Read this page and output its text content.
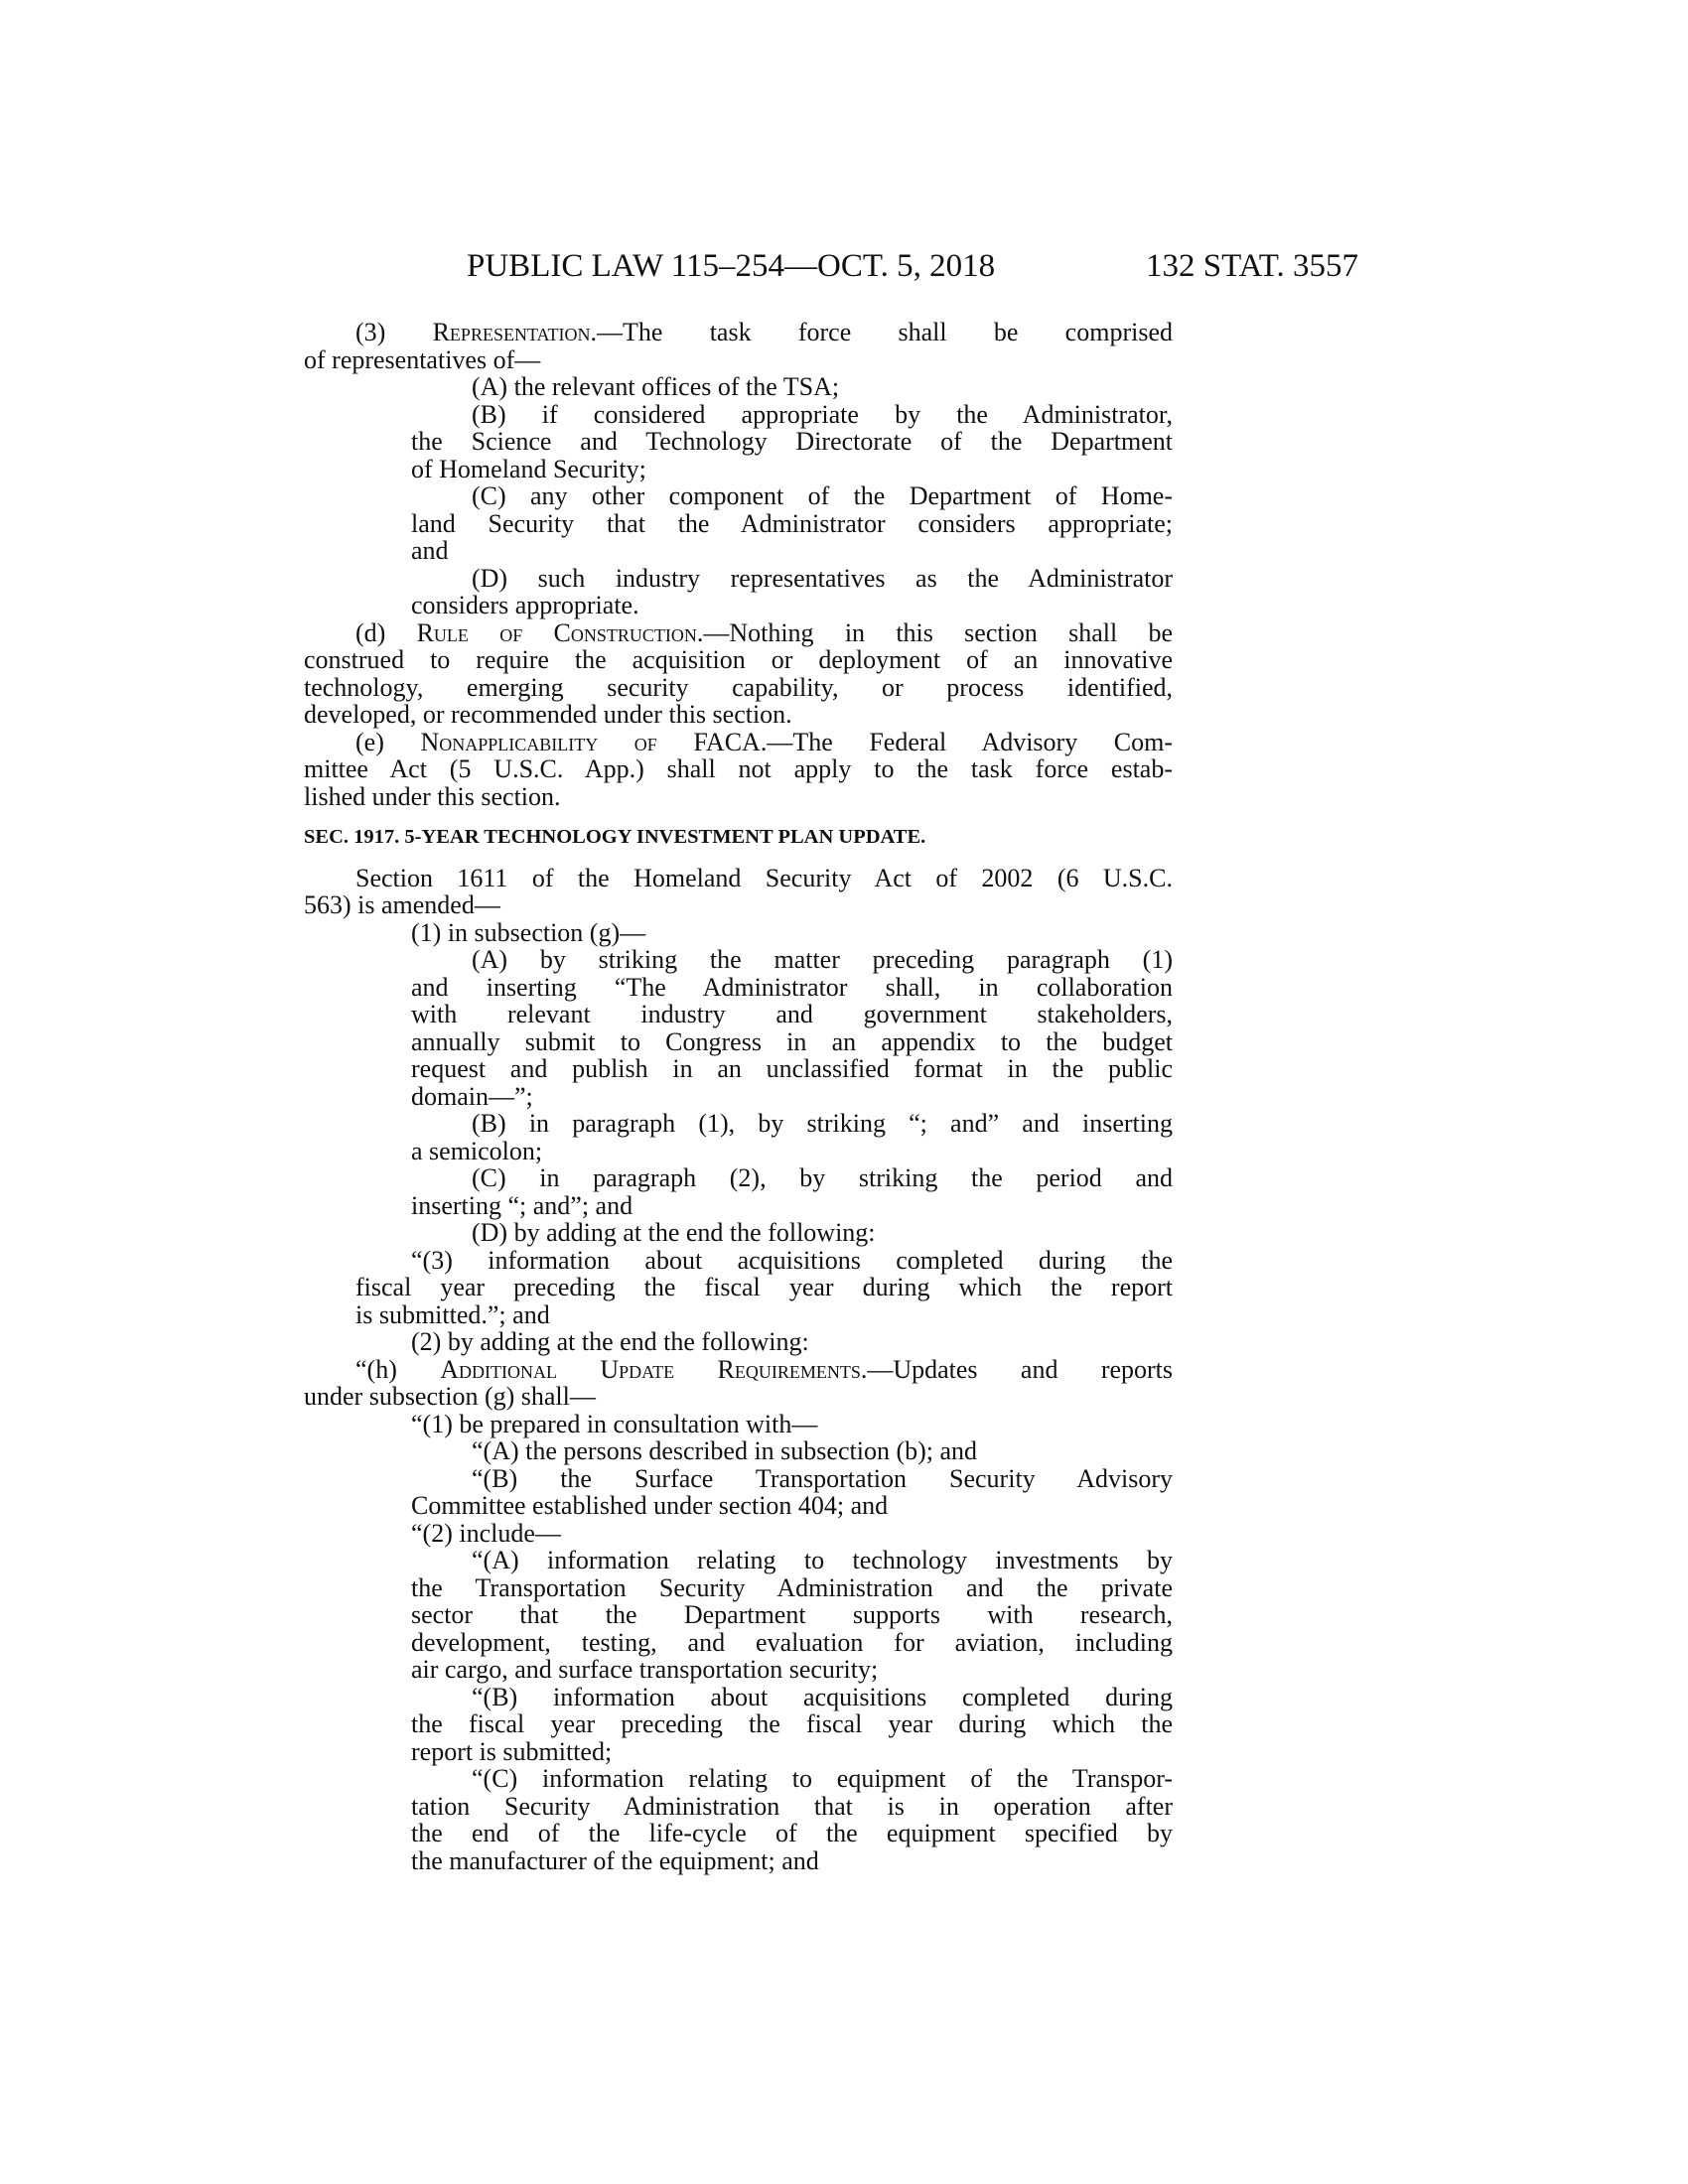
PUBLIC LAW 115–254—OCT. 5, 2018	132 STAT. 3557
(3) Representation.—The task force shall be comprised
of representatives of—
(A) the relevant offices of the TSA;
(B) if considered appropriate by the Administrator,
the Science and Technology Directorate of the Department
of Homeland Security;
(C) any other component of the Department of Home-
land Security that the Administrator considers appropriate;
and
(D) such industry representatives as the Administrator
considers appropriate.
(d) Rule of Construction.—Nothing in this section shall be
construed to require the acquisition or deployment of an innovative
technology, emerging security capability, or process identified,
developed, or recommended under this section.
(e) Nonapplicability of FACA.—The Federal Advisory Com-
mittee Act (5 U.S.C. App.) shall not apply to the task force estab-
lished under this section.
SEC. 1917. 5-YEAR TECHNOLOGY INVESTMENT PLAN UPDATE.
Section 1611 of the Homeland Security Act of 2002 (6 U.S.C.
563) is amended—
(1) in subsection (g)—
(A) by striking the matter preceding paragraph (1)
and inserting “The Administrator shall, in collaboration
with relevant industry and government stakeholders,
annually submit to Congress in an appendix to the budget
request and publish in an unclassified format in the public
domain—”;
(B) in paragraph (1), by striking “; and” and inserting
a semicolon;
(C) in paragraph (2), by striking the period and
inserting “; and”; and
(D) by adding at the end the following:
“(3) information about acquisitions completed during the
fiscal year preceding the fiscal year during which the report
is submitted.”; and
(2) by adding at the end the following:
“(h) Additional Update Requirements.—Updates and reports
under subsection (g) shall—
“(1) be prepared in consultation with—
“(A) the persons described in subsection (b); and
“(B) the Surface Transportation Security Advisory
Committee established under section 404; and
“(2) include—
“(A) information relating to technology investments by
the Transportation Security Administration and the private
sector that the Department supports with research,
development, testing, and evaluation for aviation, including
air cargo, and surface transportation security;
“(B) information about acquisitions completed during
the fiscal year preceding the fiscal year during which the
report is submitted;
“(C) information relating to equipment of the Transpor-
tation Security Administration that is in operation after
the end of the life-cycle of the equipment specified by
the manufacturer of the equipment; and
